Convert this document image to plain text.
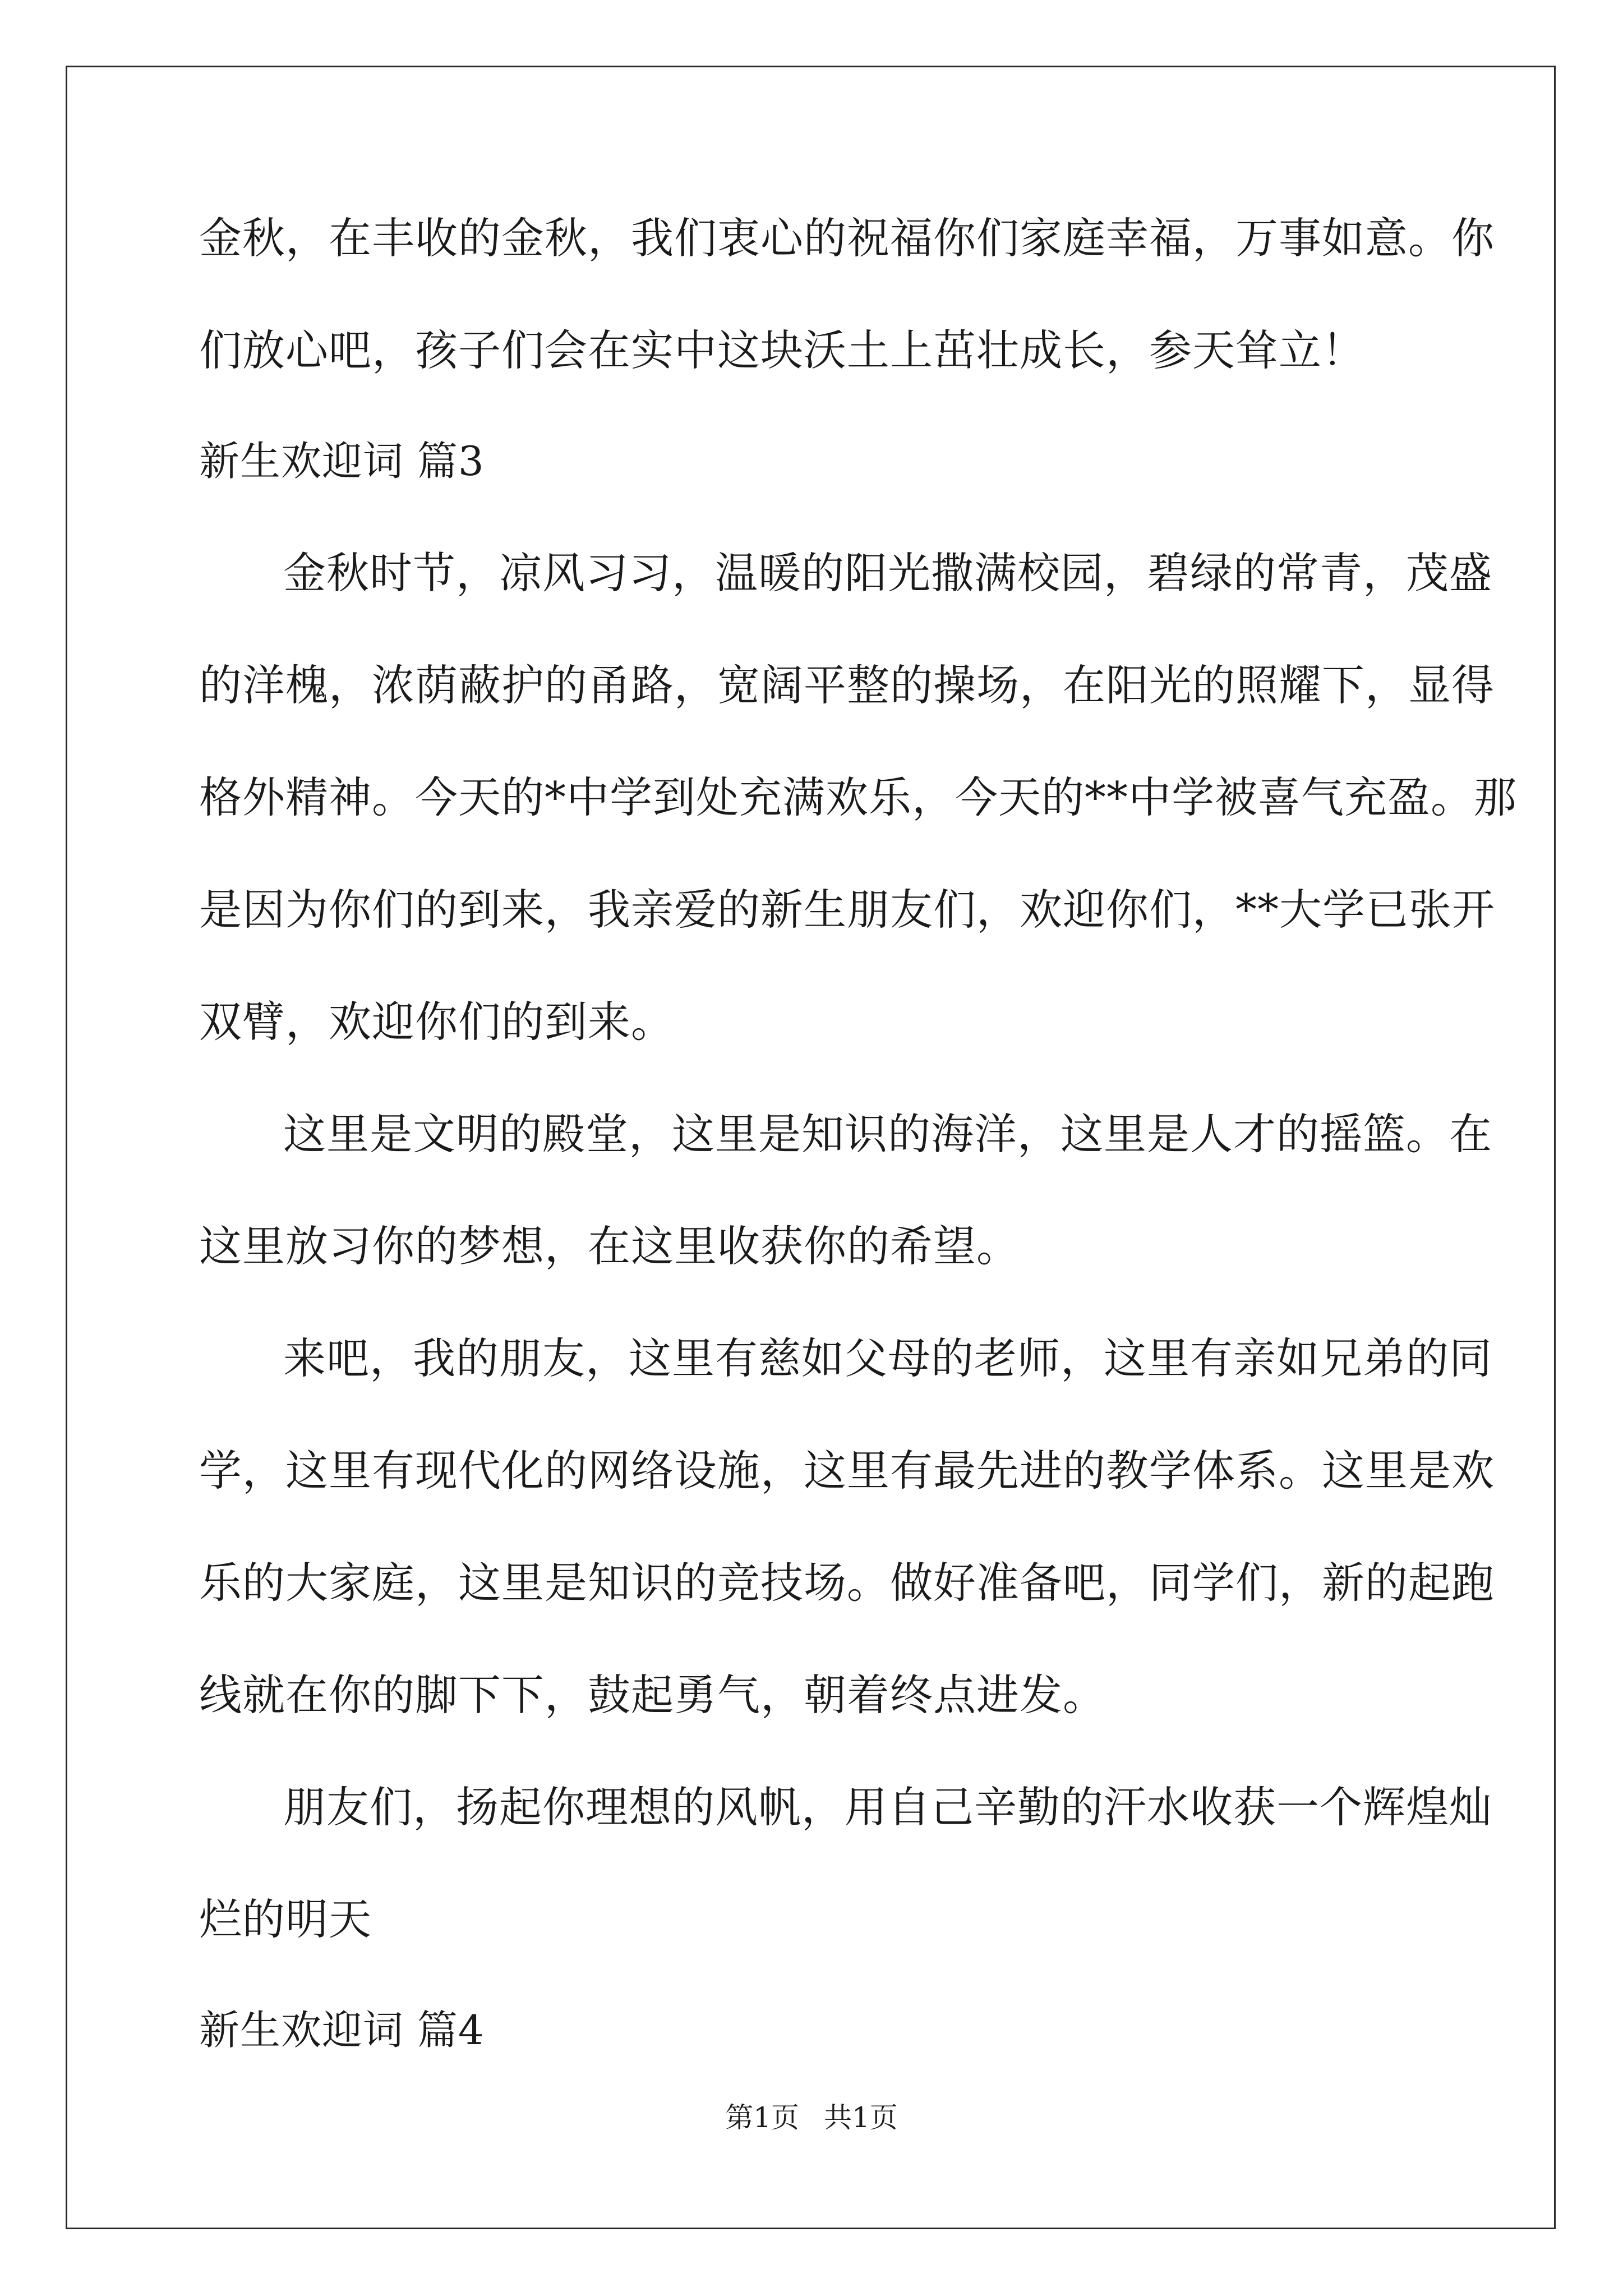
金秋，在丰收的金秋，我们衷心的祝福你们家庭幸福，万事如意。你
们放心吧，孩子们会在实中这块沃土上茁壮成长，参天耸立！
新生欢迎词 篇3
金秋时节，凉风习习，温暖的阳光撒满校园，碧绿的常青，茂盛
的洋槐，浓荫蔽护的甬路，宽阔平整的操场，在阳光的照耀下，显得
格外精神。今天的*中学到处充满欢乐，今天的**中学被喜气充盈。那
是因为你们的到来，我亲爱的新生朋友们，欢迎你们，**大学已张开
双臂，欢迎你们的到来。
这里是文明的殿堂，这里是知识的海洋，这里是人才的摇篮。在
这里放习你的梦想，在这里收获你的希望。
来吧，我的朋友，这里有慈如父母的老师，这里有亲如兄弟的同
学，这里有现代化的网络设施，这里有最先进的教学体系。这里是欢
乐的大家庭，这里是知识的竞技场。做好准备吧，同学们，新的起跑
线就在你的脚下下，鼓起勇气，朝着终点进发。
朋友们，扬起你理想的风帆，用自己辛勤的汗水收获一个辉煌灿
烂的明天
新生欢迎词 篇4
第1页 共1页
